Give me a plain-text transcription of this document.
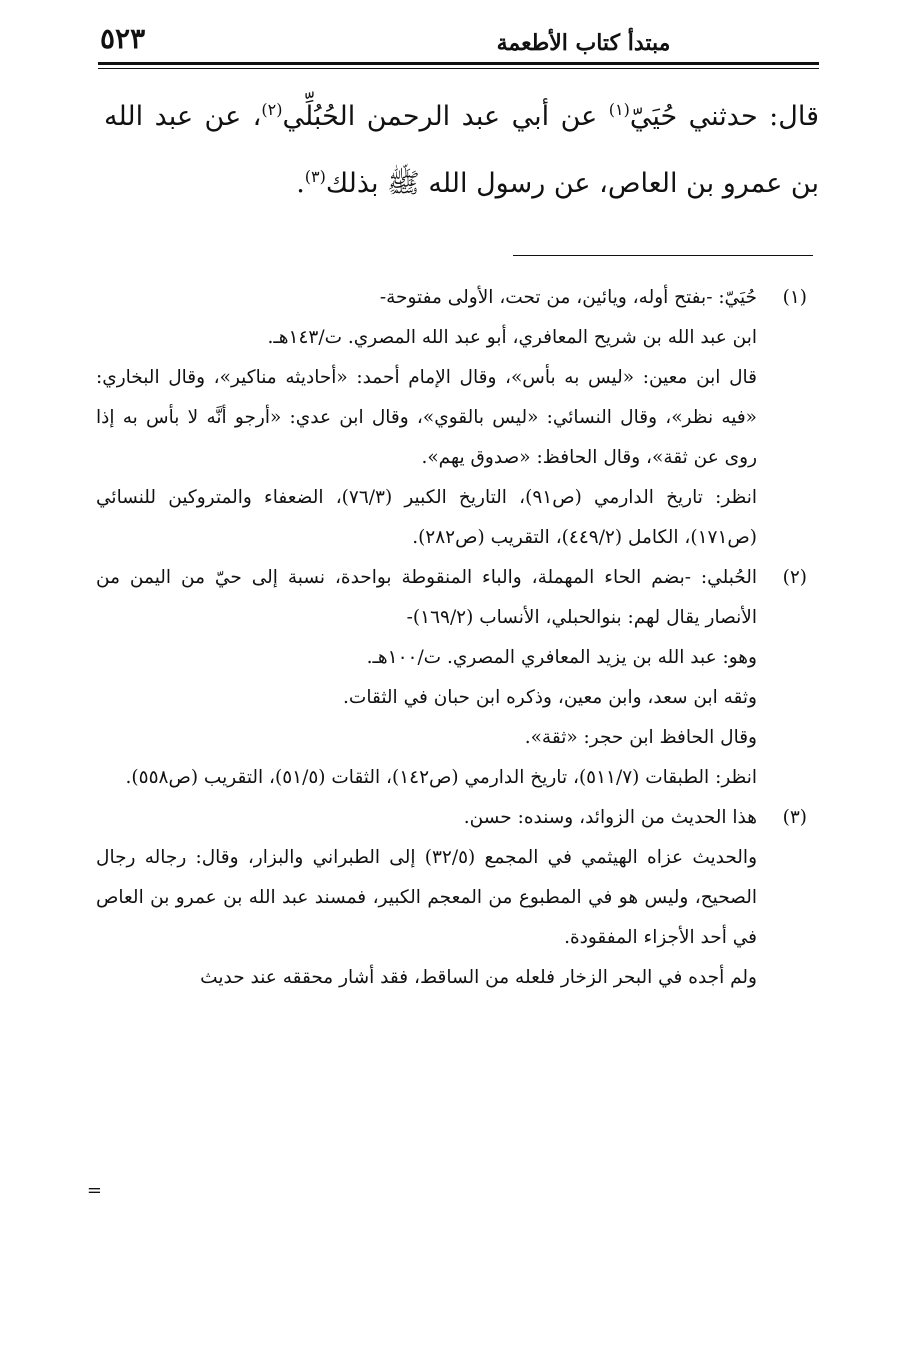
مبتدأ كتاب الأطعمة
٥٢٣

قال: حدثني حُيَيّ$^{(١)}$ عن أبي عبد الرحمن الحُبُلِّي$^{(٢)}$، عن عبد الله بن عمرو بن العاص، عن رسول الله ﷺ بذلك$^{(٣)}$.

(١)
حُيَيّ: -بفتح أوله، ويائين، من تحت، الأولى مفتوحة-
ابن عبد الله بن شريح المعافري، أبو عبد الله المصري. ت/١٤٣هـ.
قال ابن معين: «ليس به بأس»، وقال الإمام أحمد: «أحاديثه مناكير»، وقال البخاري: «فيه نظر»، وقال النسائي: «ليس بالقوي»، وقال ابن عدي: «أرجو أنَّه لا بأس به إذا روى عن ثقة»، وقال الحافظ: «صدوق يهم».
انظر: تاريخ الدارمي (ص٩١)، التاريخ الكبير (٧٦/٣)، الضعفاء والمتروكين للنسائي (ص١٧١)، الكامل (٤٤٩/٢)، التقريب (ص٢٨٢).
(٢)
الحُبلي: -بضم الحاء المهملة، والباء المنقوطة بواحدة، نسبة إلى حيّ من اليمن من الأنصار يقال لهم: بنوالحبلي، الأنساب (١٦٩/٢)-
وهو: عبد الله بن يزيد المعافري المصري. ت/١٠٠هـ.
وثقه ابن سعد، وابن معين، وذكره ابن حبان في الثقات.
وقال الحافظ ابن حجر: «ثقة».
انظر: الطبقات (٥١١/٧)، تاريخ الدارمي (ص١٤٢)، الثقات (٥١/٥)، التقريب (ص٥٥٨).
(٣)
هذا الحديث من الزوائد، وسنده: حسن.
والحديث عزاه الهيثمي في المجمع (٣٢/٥) إلى الطبراني والبزار، وقال: رجاله رجال الصحيح، وليس هو في المطبوع من المعجم الكبير، فمسند عبد الله بن عمرو بن العاص في أحد الأجزاء المفقودة.
ولم أجده في البحر الزخار فلعله من الساقط، فقد أشار محققه عند حديث
=
